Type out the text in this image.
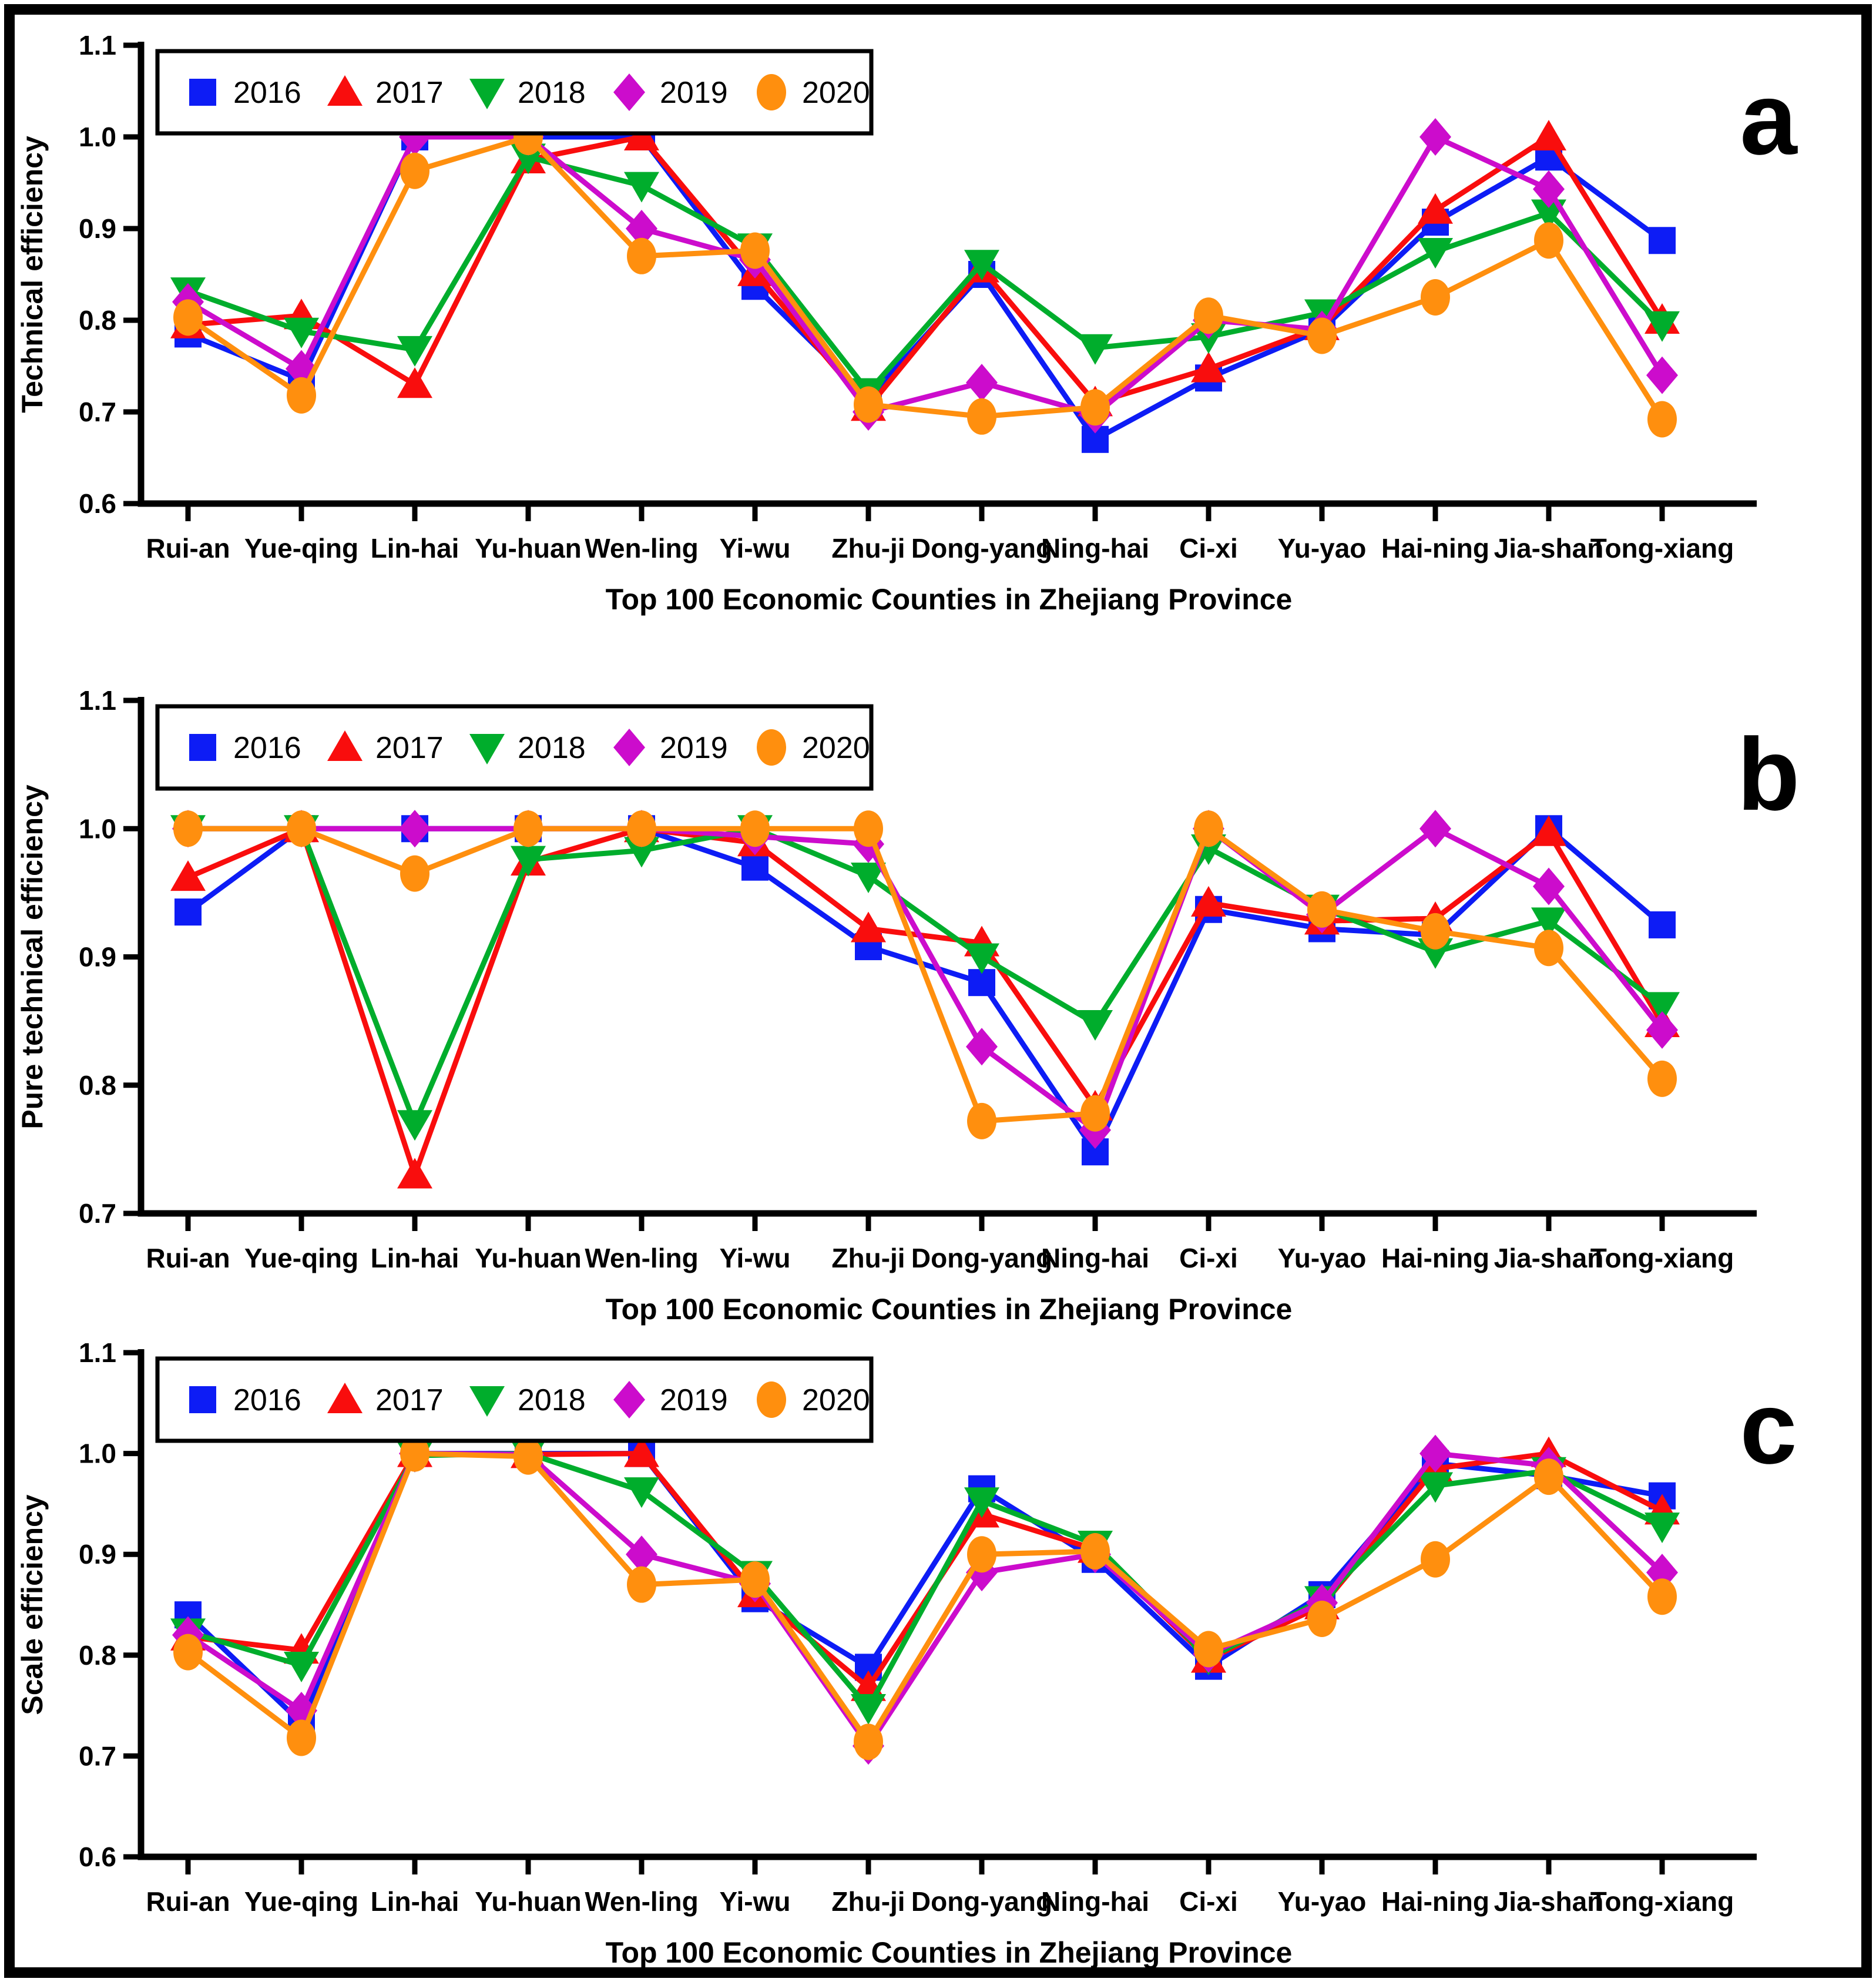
1.1
1.0
0.9
0.8
0.7
0.6
Rui-an Yue-qing Lin-hai Yu-huan Wen-ling Yi-wu Zhu-ji Dong-yang
Ning-hai Ci-xi Yu-yao Hai-ning Jia-shan
Tong-xiang
Top 100 Economic Counties in Zhejiang Province
Technical efficiency
2016 2017 2018 2019 2020	a
1.1
1.0
0.9
0.8
0.7
Rui-an Yue-qing Lin-hai Yu-huan Wen-ling Yi-wu Zhu-ji Dong-yang
Ning-hai Ci-xi Yu-yao Hai-ning Jia-shan
Tong-xiang
Top 100 Economic Counties in Zhejiang Province
Pure technical efficiency
2016 2017 2018 2019 2020	b
1.1
1.0
0.9
0.8
0.7
0.6
Rui-an Yue-qing Lin-hai Yu-huan Wen-ling Yi-wu Zhu-ji Dong-yang
Ning-hai Ci-xi Yu-yao Hai-ning Jia-shan
Tong-xiang
Top 100 Economic Counties in Zhejiang Province
Scale efficiency
2016 2017 2018 2019 2020	c
